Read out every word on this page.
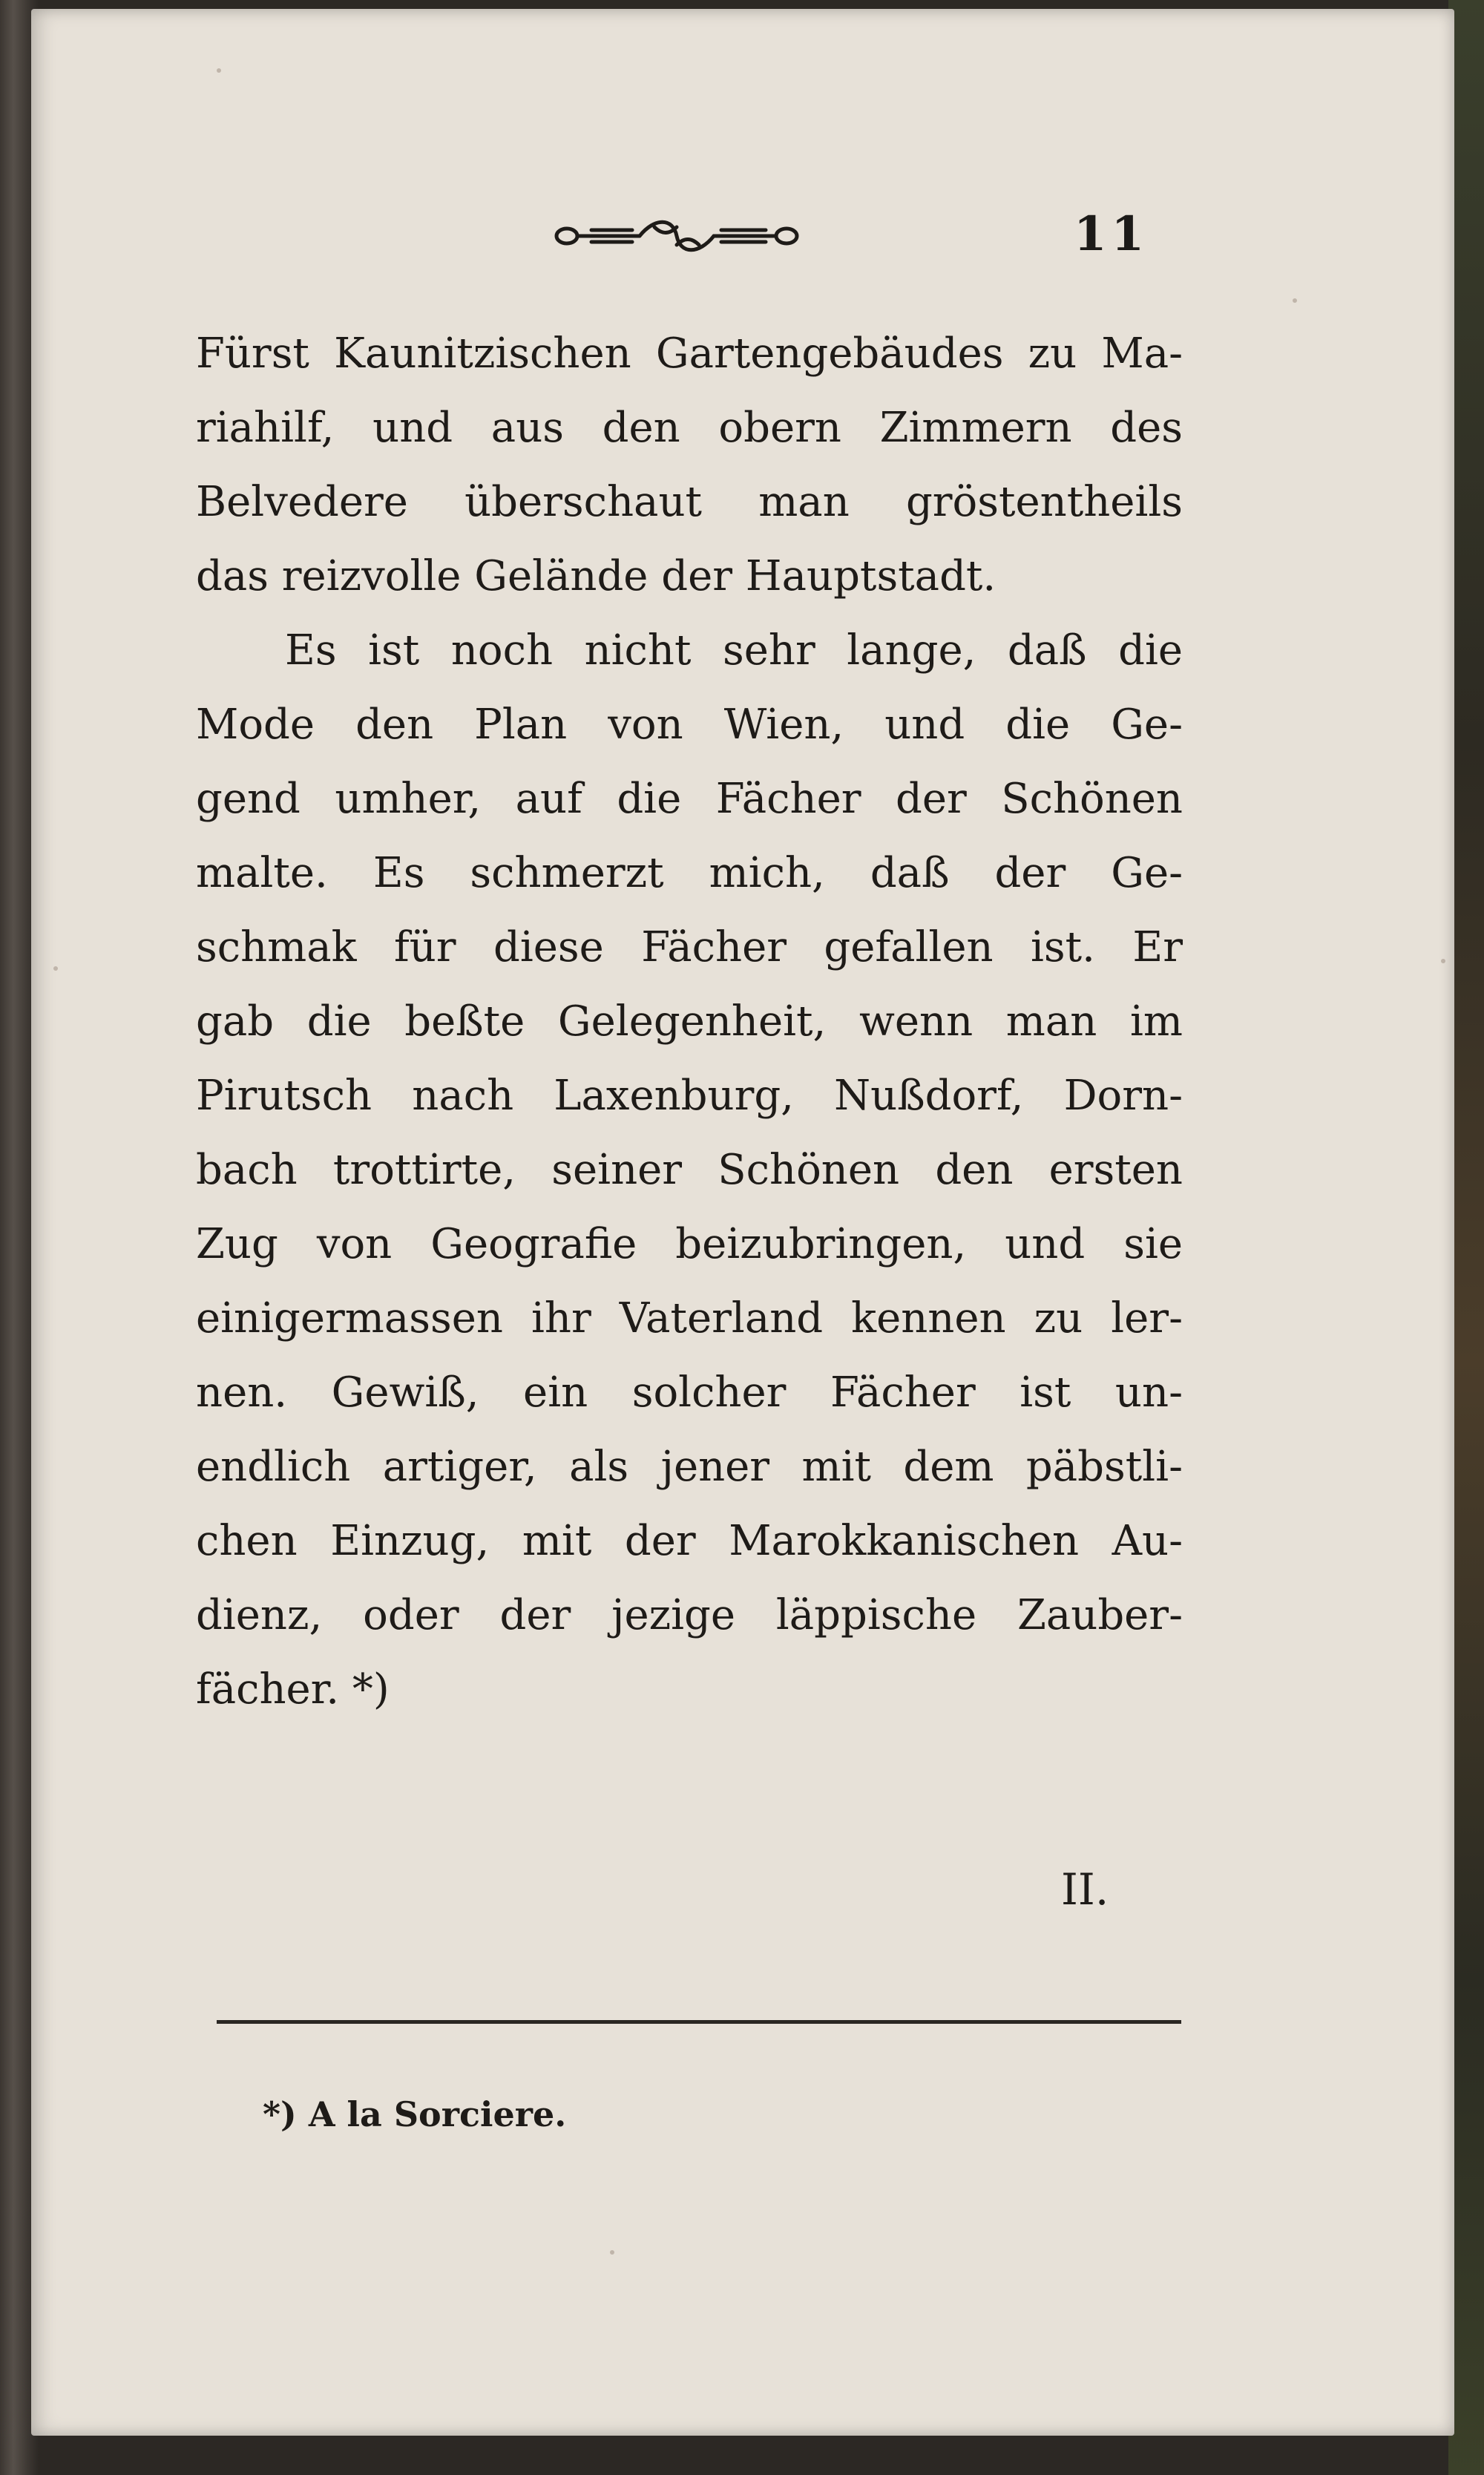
11
Fürst Kaunitzischen Gartengebäudes zu Ma-
riahilf, und aus den obern Zimmern des
Belvedere überschaut man gröstentheils
das reizvolle Gelände der Hauptstadt.
Es ist noch nicht sehr lange, daß die
Mode den Plan von Wien, und die Ge-
gend umher, auf die Fächer der Schönen
malte. Es schmerzt mich, daß der Ge-
schmak für diese Fächer gefallen ist. Er
gab die beßte Gelegenheit, wenn man im
Pirutsch nach Laxenburg, Nußdorf, Dorn-
bach trottirte, seiner Schönen den ersten
Zug von Geografie beizubringen, und sie
einigermassen ihr Vaterland kennen zu ler-
nen. Gewiß, ein solcher Fächer ist un-
endlich artiger, als jener mit dem päbstli-
chen Einzug, mit der Marokkanischen Au-
dienz, oder der jezige läppische Zauber-
fächer. *)
II.
*) A la Sorciere.
